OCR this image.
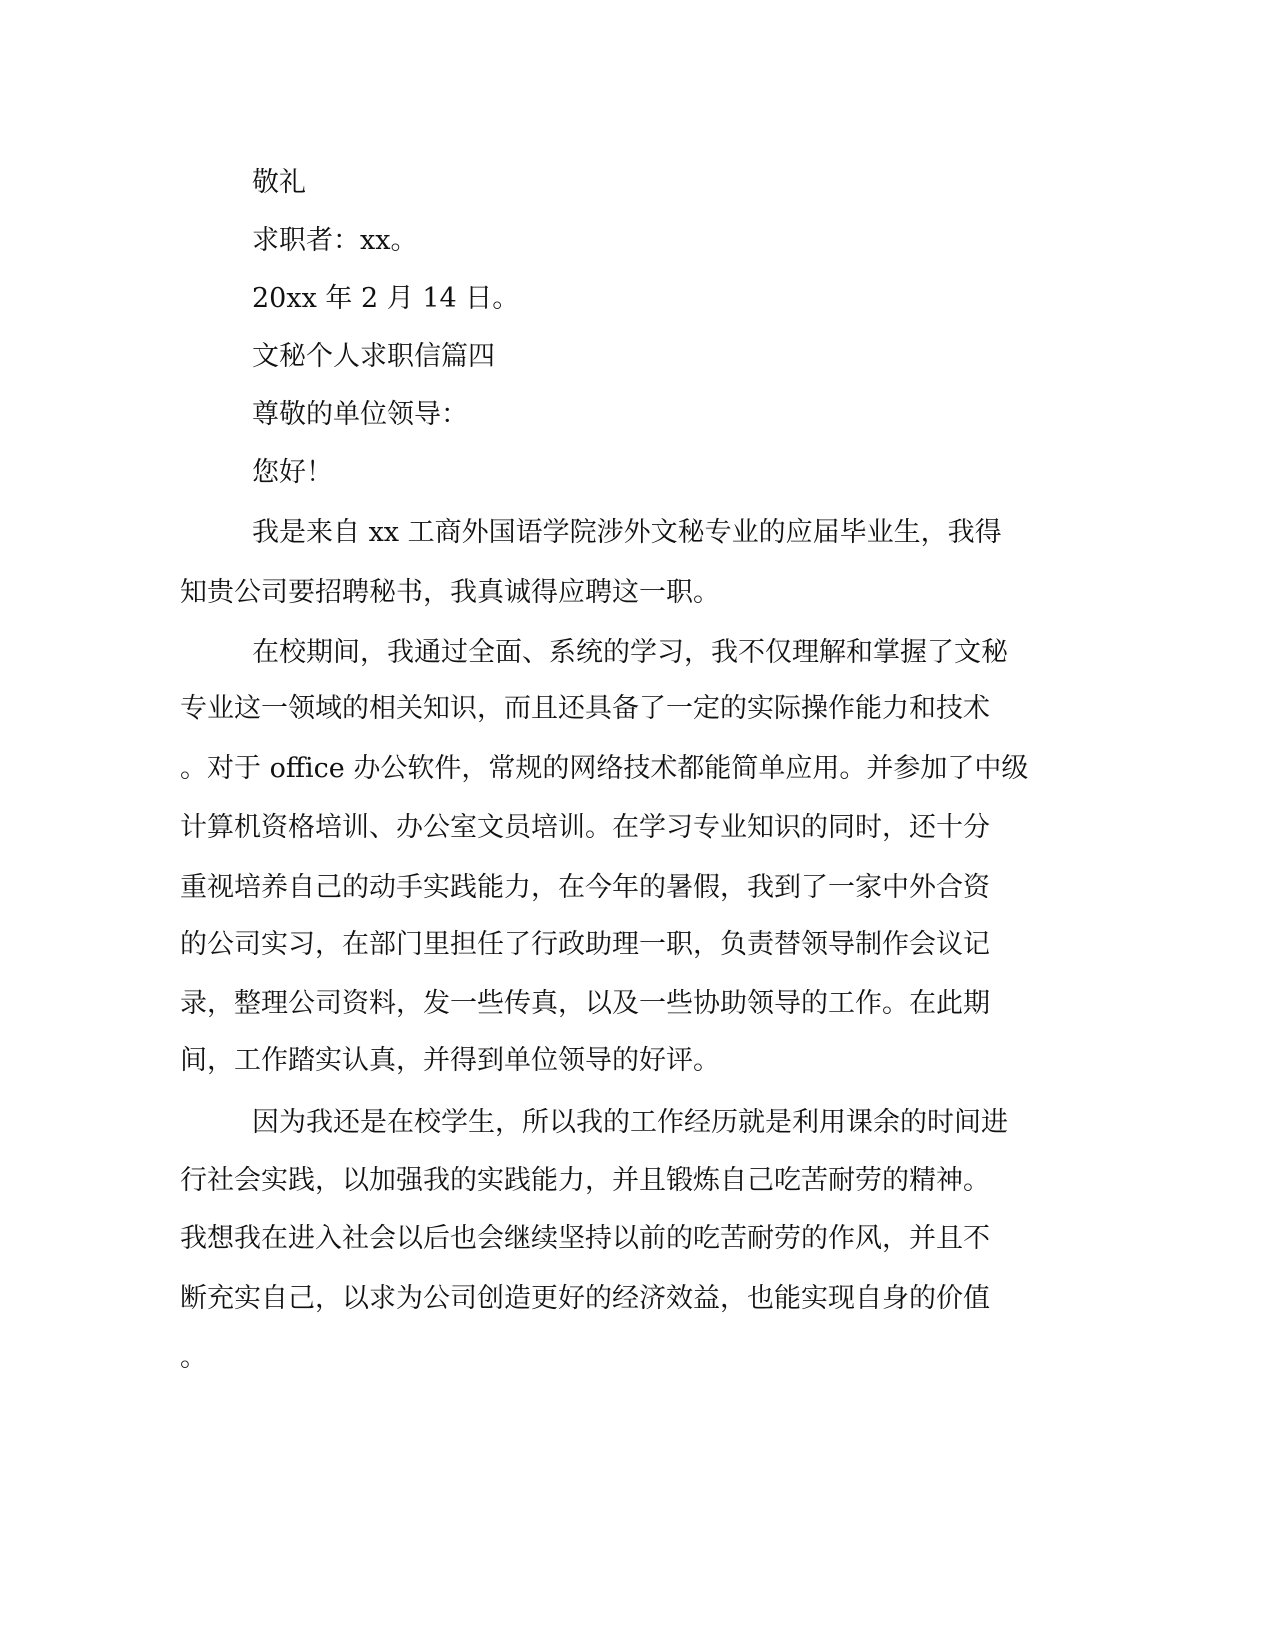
敬礼
求职者：xx。
20xx 年 2 月 14 日。
文秘个人求职信篇四
尊敬的单位领导：
您好！
我是来自 xx 工商外国语学院涉外文秘专业的应届毕业生，我得
知贵公司要招聘秘书，我真诚得应聘这一职。
在校期间，我通过全面、系统的学习，我不仅理解和掌握了文秘
专业这一领域的相关知识，而且还具备了一定的实际操作能力和技术
。对于 office 办公软件，常规的网络技术都能简单应用。并参加了中级
计算机资格培训、办公室文员培训。在学习专业知识的同时，还十分
重视培养自己的动手实践能力，在今年的暑假，我到了一家中外合资
的公司实习，在部门里担任了行政助理一职，负责替领导制作会议记
录，整理公司资料，发一些传真，以及一些协助领导的工作。在此期
间，工作踏实认真，并得到单位领导的好评。
因为我还是在校学生，所以我的工作经历就是利用课余的时间进
行社会实践，以加强我的实践能力，并且锻炼自己吃苦耐劳的精神。
我想我在进入社会以后也会继续坚持以前的吃苦耐劳的作风，并且不
断充实自己，以求为公司创造更好的经济效益，也能实现自身的价值
。
